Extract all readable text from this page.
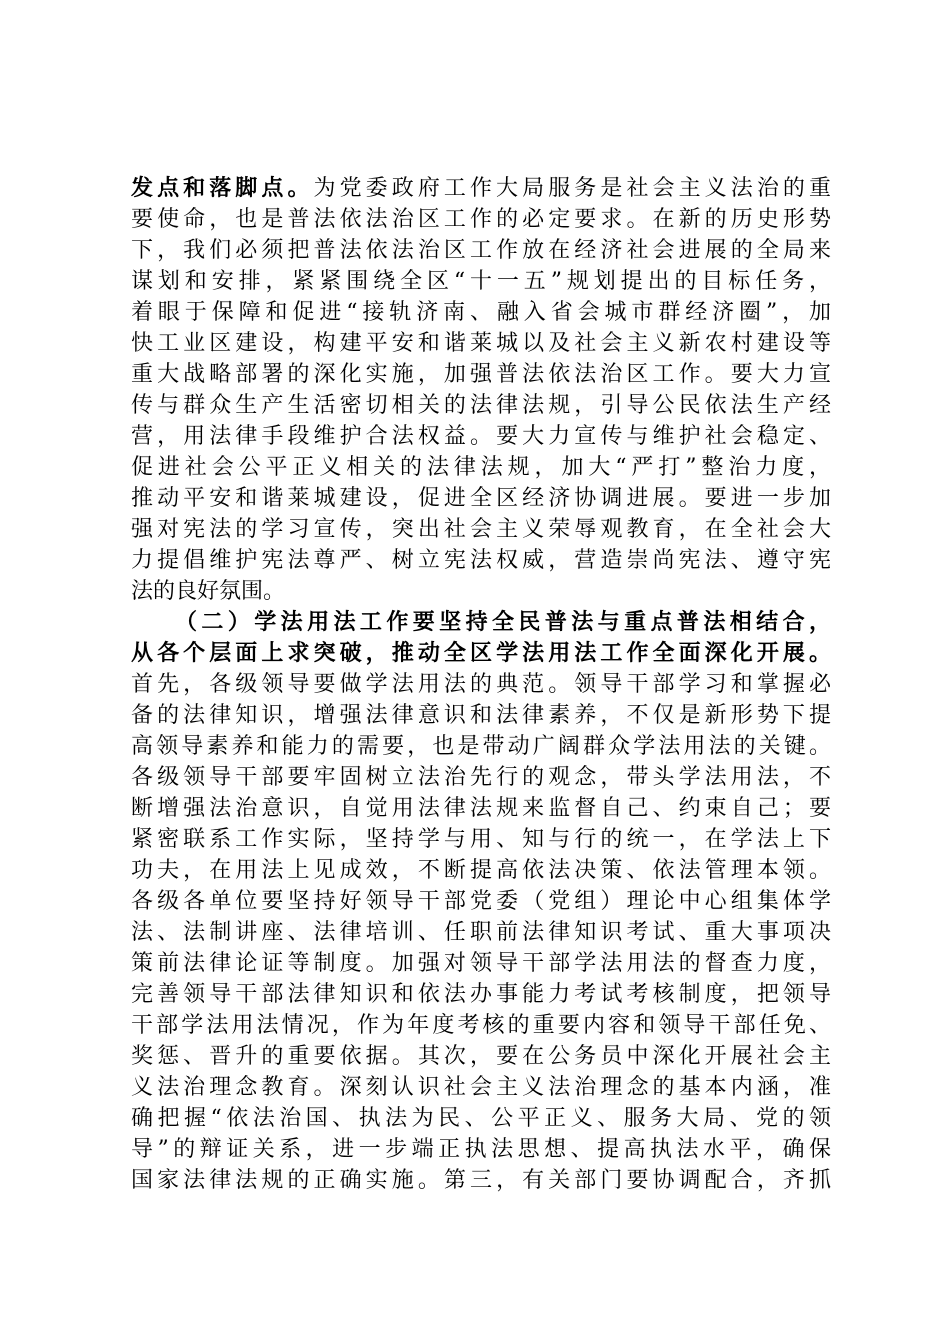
发点和落脚点。为党委政府工作大局服务是社会主义法治的重
要使命，也是普法依法治区工作的必定要求。在新的历史形势
下，我们必须把普法依法治区工作放在经济社会进展的全局来
谋划和安排，紧紧围绕全区“十一五”规划提出的目标任务，
着眼于保障和促进“接轨济南、融入省会城市群经济圈”，加
快工业区建设，构建平安和谐莱城以及社会主义新农村建设等
重大战略部署的深化实施，加强普法依法治区工作。要大力宣
传与群众生产生活密切相关的法律法规，引导公民依法生产经
营，用法律手段维护合法权益。要大力宣传与维护社会稳定、
促进社会公平正义相关的法律法规，加大“严打”整治力度，
推动平安和谐莱城建设，促进全区经济协调进展。要进一步加
强对宪法的学习宣传，突出社会主义荣辱观教育，在全社会大
力提倡维护宪法尊严、树立宪法权威，营造崇尚宪法、遵守宪
法的良好氛围。
（二）学法用法工作要坚持全民普法与重点普法相结合，
从各个层面上求突破，推动全区学法用法工作全面深化开展。
首先，各级领导要做学法用法的典范。领导干部学习和掌握必
备的法律知识，增强法律意识和法律素养，不仅是新形势下提
高领导素养和能力的需要，也是带动广阔群众学法用法的关键。
各级领导干部要牢固树立法治先行的观念，带头学法用法，不
断增强法治意识，自觉用法律法规来监督自己、约束自己；要
紧密联系工作实际，坚持学与用、知与行的统一，在学法上下
功夫，在用法上见成效，不断提高依法决策、依法管理本领。
各级各单位要坚持好领导干部党委（党组）理论中心组集体学
法、法制讲座、法律培训、任职前法律知识考试、重大事项决
策前法律论证等制度。加强对领导干部学法用法的督查力度，
完善领导干部法律知识和依法办事能力考试考核制度，把领导
干部学法用法情况，作为年度考核的重要内容和领导干部任免、
奖惩、晋升的重要依据。其次，要在公务员中深化开展社会主
义法治理念教育。深刻认识社会主义法治理念的基本内涵，准
确把握“依法治国、执法为民、公平正义、服务大局、党的领
导”的辩证关系，进一步端正执法思想、提高执法水平，确保
国家法律法规的正确实施。第三，有关部门要协调配合，齐抓
